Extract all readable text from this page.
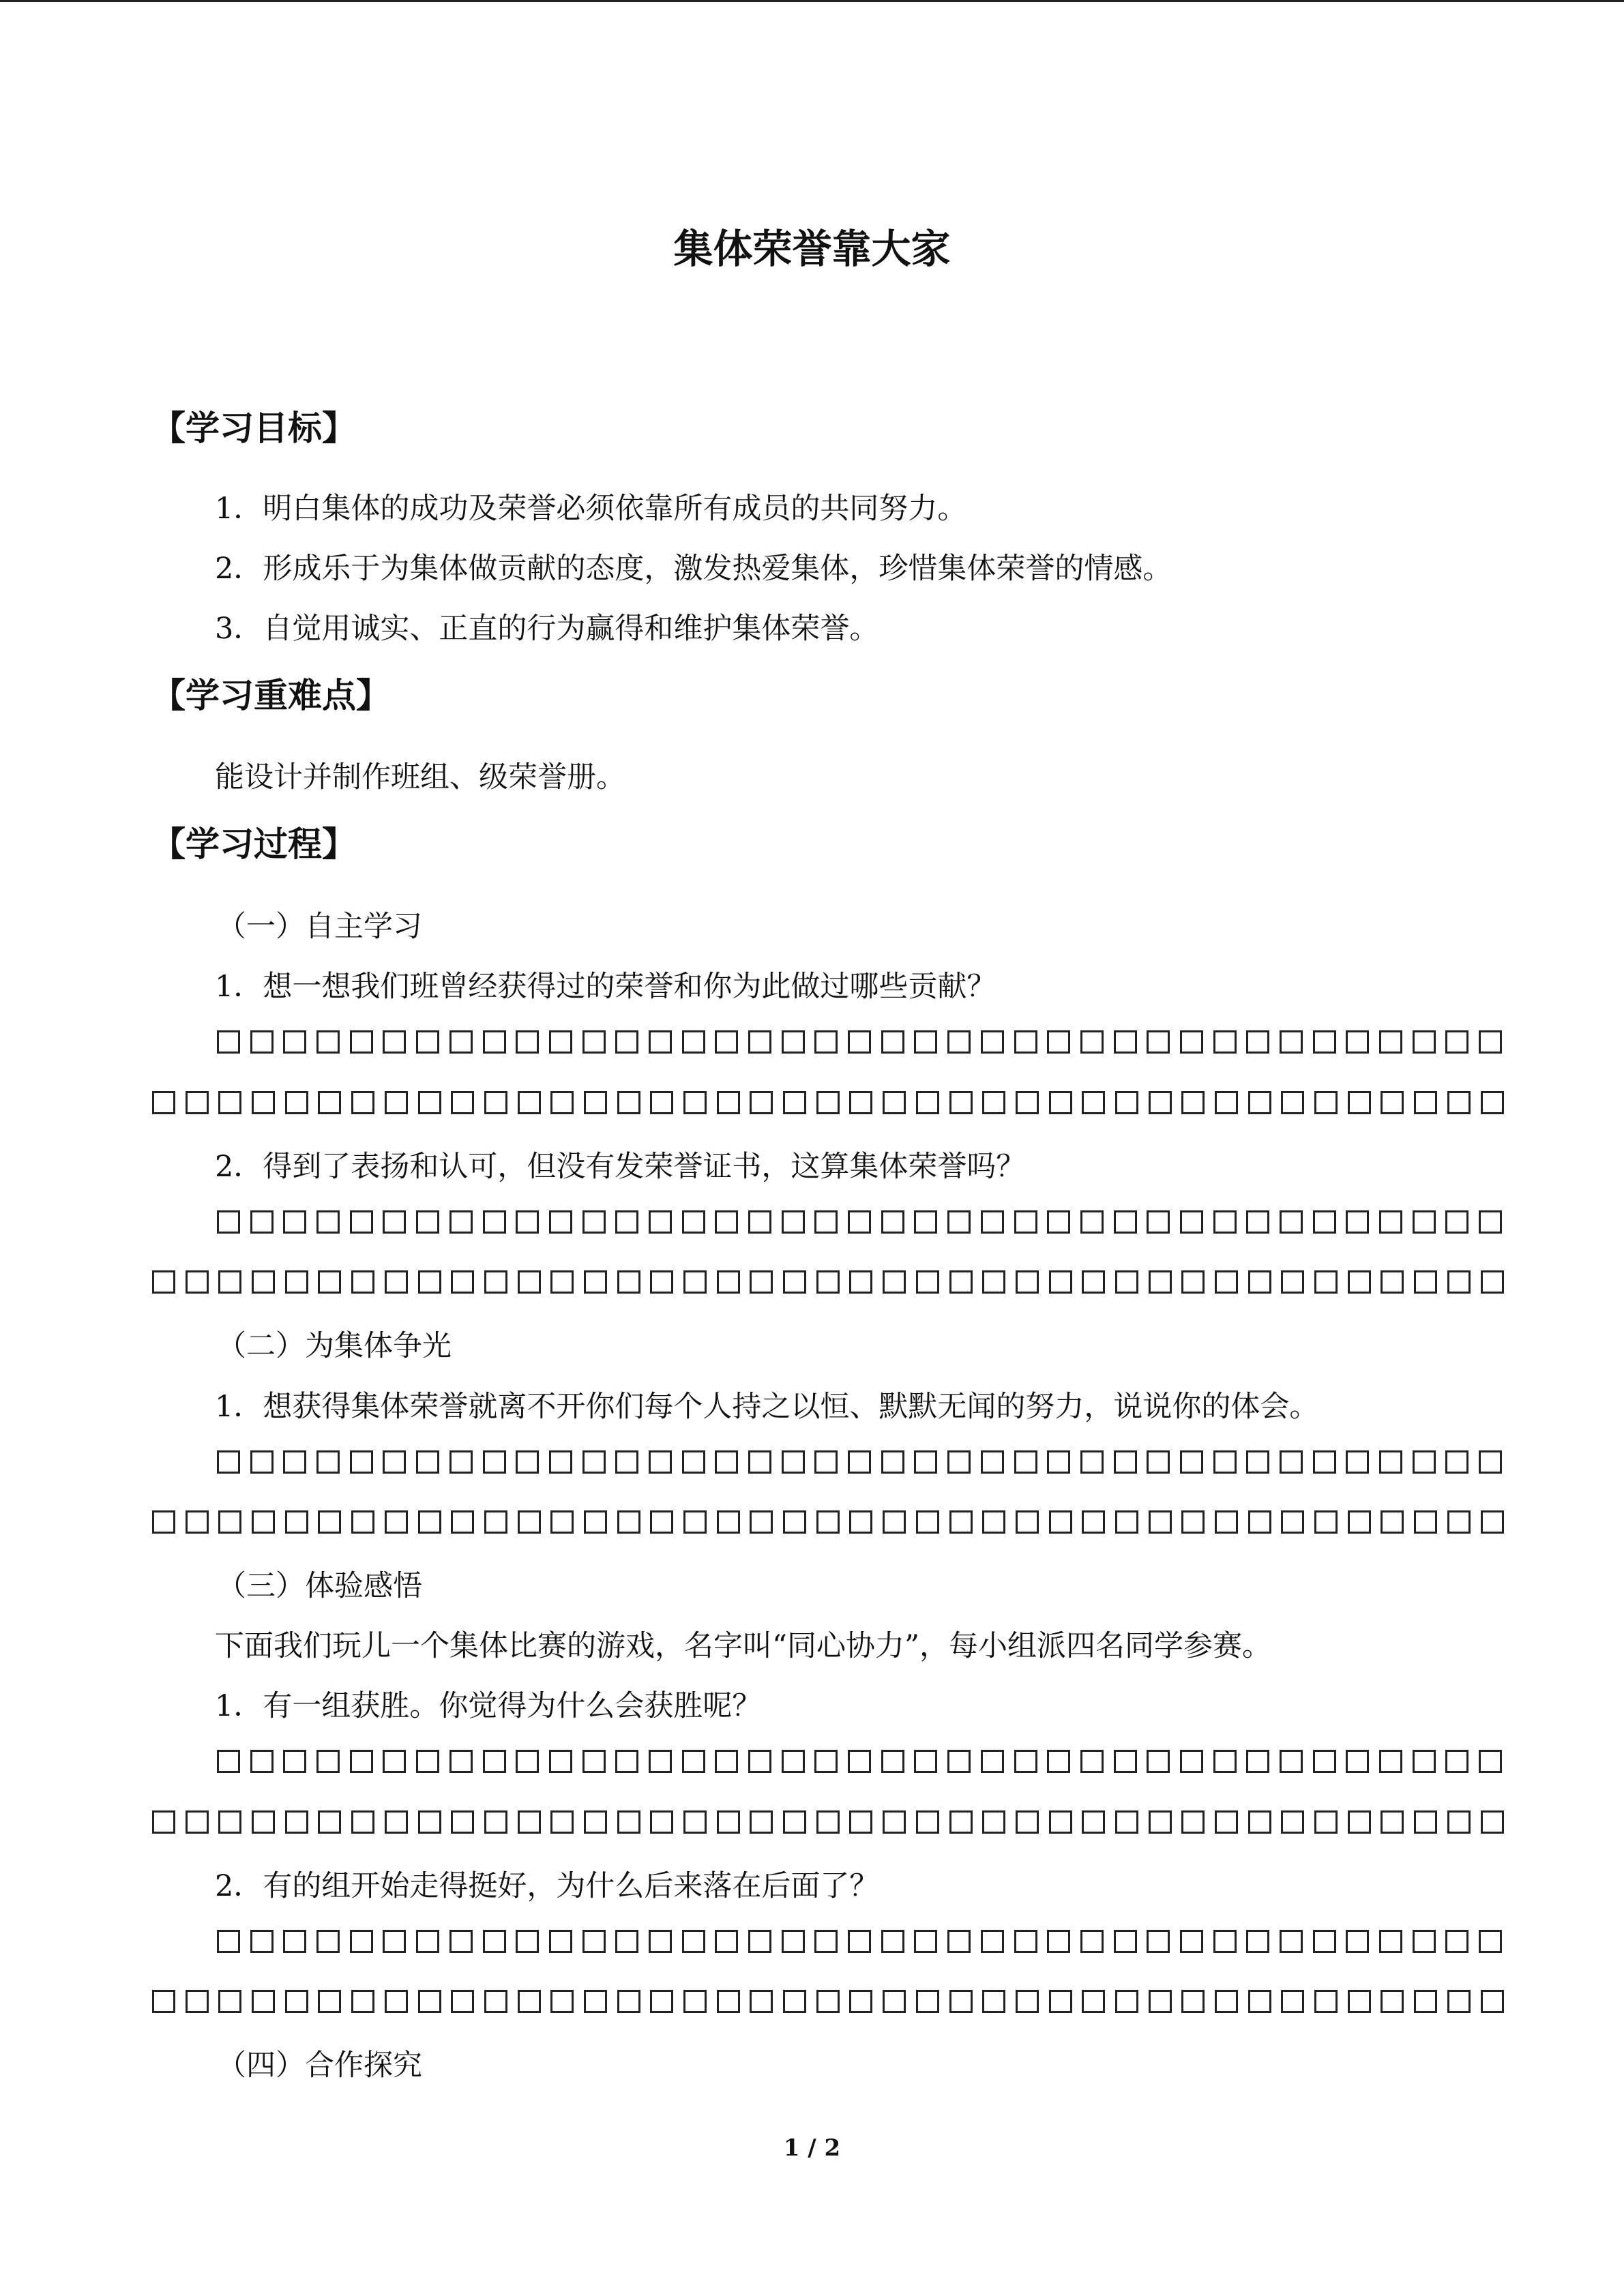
集体荣誉靠大家
【学习目标】
1．明白集体的成功及荣誉必须依靠所有成员的共同努力。
2．形成乐于为集体做贡献的态度，激发热爱集体，珍惜集体荣誉的情感。
3．自觉用诚实、正直的行为赢得和维护集体荣誉。
【学习重难点】
能设计并制作班组、级荣誉册。
【学习过程】
（一）自主学习
1．想一想我们班曾经获得过的荣誉和你为此做过哪些贡献？
2．得到了表扬和认可，但没有发荣誉证书，这算集体荣誉吗？
（二）为集体争光
1．想获得集体荣誉就离不开你们每个人持之以恒、默默无闻的努力，说说你的体会。
（三）体验感悟
下面我们玩儿一个集体比赛的游戏，名字叫“同心协力”，每小组派四名同学参赛。
1．有一组获胜。你觉得为什么会获胜呢？
2．有的组开始走得挺好，为什么后来落在后面了？
（四）合作探究
1 / 2
